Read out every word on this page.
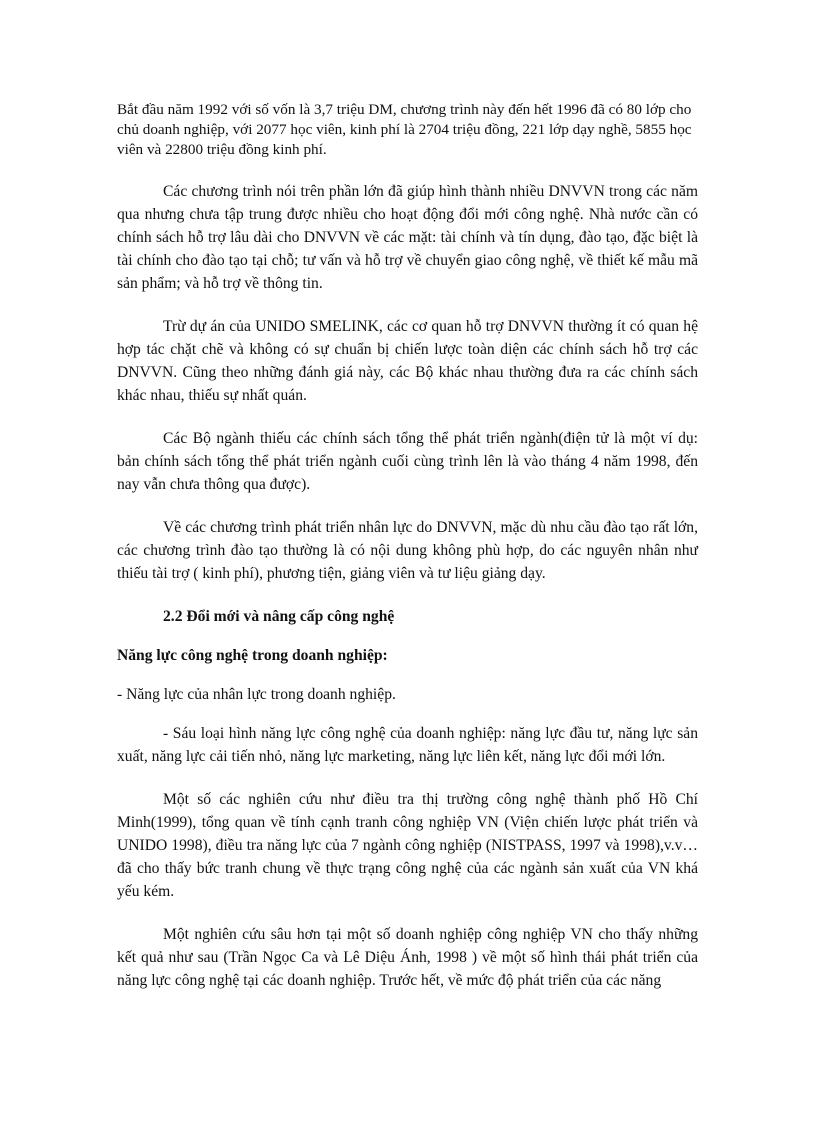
Bắt đầu năm 1992 với số vốn là 3,7 triệu DM, chương trình này đến hết 1996 đã có 80 lớp cho chủ doanh nghiệp, với 2077 học viên, kinh phí là 2704 triệu đồng, 221 lớp dạy nghề, 5855 học viên và 22800 triệu đồng kinh phí.

Các chương trình nói trên phần lớn đã giúp hình thành nhiều DNVVN trong các năm qua nhưng chưa tập trung được nhiều cho hoạt động đổi mới công nghệ. Nhà nước cần có chính sách hỗ trợ lâu dài cho DNVVN về các mặt: tài chính và tín dụng, đào tạo, đặc biệt là tài chính cho đào tạo tại chỗ; tư vấn và hỗ trợ về chuyển giao công nghệ, về thiết kế mẫu mã sản phẩm; và hỗ trợ về thông tin.

Trừ dự án của UNIDO SMELINK, các cơ quan hỗ trợ DNVVN thường ít có quan hệ hợp tác chặt chẽ và không có sự chuẩn bị chiến lược toàn diện các chính sách hỗ trợ các DNVVN. Cũng theo những đánh giá này, các Bộ khác nhau thường đưa ra các chính sách khác nhau, thiếu sự nhất quán.

Các Bộ ngành thiếu các chính sách tổng thể phát triển ngành(điện tử là một ví dụ: bản chính sách tổng thể phát triển ngành cuối cùng trình lên là vào tháng 4 năm 1998, đến nay vẫn chưa thông qua được).

Về các chương trình phát triển nhân lực do DNVVN, mặc dù nhu cầu đào tạo rất lớn, các chương trình đào tạo thường là có nội dung không phù hợp, do các nguyên nhân như thiếu tài trợ ( kinh phí), phương tiện, giảng viên và tư liệu giảng dạy.

2.2 Đổi mới và nâng cấp công nghệ

Năng lực công nghệ trong doanh nghiệp:

- Năng lực của nhân lực trong doanh nghiệp.

- Sáu loại hình năng lực công nghệ của doanh nghiệp: năng lực đầu tư, năng lực sản xuất, năng lực cải tiến nhỏ, năng lực marketing, năng lực liên kết, năng lực đổi mới lớn.

Một số các nghiên cứu như điều tra thị trường công nghệ thành phố Hồ Chí Minh(1999), tổng quan về tính cạnh tranh công nghiệp VN (Viện chiến lược phát triển và UNIDO 1998), điều tra năng lực của 7 ngành công nghiệp (NISTPASS, 1997 và 1998),v.v… đã cho thấy bức tranh chung về thực trạng công nghệ của các ngành sản xuất của VN khá yếu kém.

Một nghiên cứu sâu hơn tại một số doanh nghiệp công nghiệp VN cho thấy những kết quả như sau (Trần Ngọc Ca và Lê Diệu Ánh, 1998 ) về một số hình thái phát triển của năng lực công nghệ tại các doanh nghiệp. Trước hết, về mức độ phát triển của các năng
